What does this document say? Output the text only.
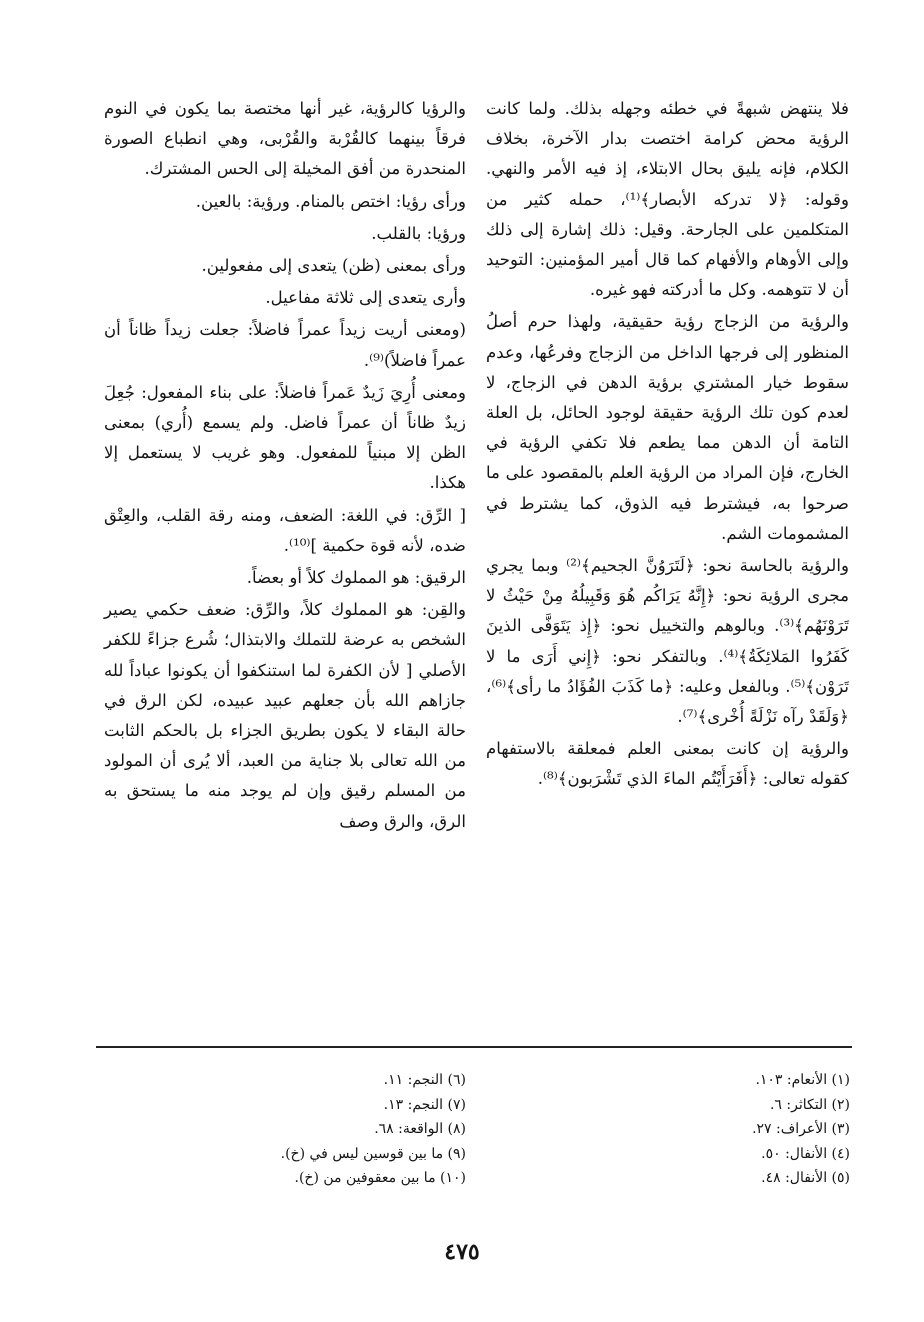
فلا ينتهض شبهةً في خطئه وجهله بذلك. ولما كانت الرؤية محض كرامة اختصت بدار الآخرة، بخلاف الكلام، فإنه يليق بحال الابتلاء، إذ فيه الأمر والنهي. وقوله: ﴿لا تدركه الأبصار﴾⁽¹⁾، حمله كثير من المتكلمين على الجارحة. وقيل: ذلك إشارة إلى ذلك وإلى الأوهام والأفهام كما قال أمير المؤمنين: التوحيد أن لا تتوهمه. وكل ما أدركته فهو غيره.

والرؤية من الزجاج رؤية حقيقية، ولهذا حرم أصلُ المنظور إلى فرجها الداخل من الزجاج وفرعُها، وعدم سقوط خيار المشتري برؤية الدهن في الزجاج، لا لعدم كون تلك الرؤية حقيقة لوجود الحائل، بل العلة التامة أن الدهن مما يطعم فلا تكفي الرؤية في الخارج، فإن المراد من الرؤية العلم بالمقصود على ما صرحوا به، فيشترط فيه الذوق، كما يشترط في المشمومات الشم.

والرؤية بالحاسة نحو: ﴿لَتَرَوُنَّ الجحيم﴾⁽²⁾ وبما يجري مجرى الرؤية نحو: ﴿إِنَّهُ يَرَاكُم هُوَ وَقَبِيلُهُ مِنْ حَيْثُ لا تَرَوْنَهُم﴾⁽³⁾. وبالوهم والتخييل نحو: ﴿إِذ يَتَوَفَّى الذينَ كَفَرُوا المَلائِكَةُ﴾⁽⁴⁾. وبالتفكر نحو: ﴿إِني أَرَى ما لا تَرَوْن﴾⁽⁵⁾. وبالفعل وعليه: ﴿ما كَذَبَ الفُؤَادُ ما رأى﴾⁽⁶⁾، ﴿وَلَقَدْ رآه نَزْلَةً أُخْرى﴾⁽⁷⁾.

والرؤية إن كانت بمعنى العلم فمعلقة بالاستفهام كقوله تعالى: ﴿أَفَرَأَيْتُم الماءَ الذي تَشْرَبون﴾⁽⁸⁾.

والرؤيا كالرؤية، غير أنها مختصة بما يكون في النوم فرقاً بينهما كالقُرْبة والقُرْبى، وهي انطباع الصورة المنحدرة من أفق المخيلة إلى الحس المشترك.

ورأى رؤيا: اختص بالمنام. ورؤية: بالعين.

ورؤيا: بالقلب.

ورأى بمعنى (ظن) يتعدى إلى مفعولين.

وأرى يتعدى إلى ثلاثة مفاعيل.

(ومعنى أريت زيداً عمراً فاضلاً: جعلت زيداً ظاناً أن عمراً فاضلاً)⁽⁹⁾.

ومعنى أُرِيَ زَيدٌ عَمراً فاضلاً: على بناء المفعول: جُعِلَ زيدٌ ظاناً أن عمراً فاضل. ولم يسمع (أُري) بمعنى الظن إلا مبنياً للمفعول. وهو غريب لا يستعمل إلا هكذا.

[ الرِّق: في اللغة: الضعف، ومنه رقة القلب، والعِتْق ضده، لأنه قوة حكمية ]⁽¹⁰⁾.

الرقيق: هو المملوك كلاً أو بعضاً.

والقِن: هو المملوك كلاً، والرِّق: ضعف حكمي يصير الشخص به عرضة للتملك والابتذال؛ شُرع جزاءً للكفر الأصلي [ لأن الكفرة لما استنكفوا أن يكونوا عباداً لله جازاهم الله بأن جعلهم عبيد عبيده، لكن الرق في حالة البقاء لا يكون بطريق الجزاء بل بالحكم الثابت من الله تعالى بلا جناية من العبد، ألا يُرى أن المولود من المسلم رقيق وإن لم يوجد منه ما يستحق به الرق، والرق وصف

(١) الأنعام: ١٠٣.
(٢) التكاثر: ٦.
(٣) الأعراف: ٢٧.
(٤) الأنفال: ٥٠.
(٥) الأنفال: ٤٨.
(٦) النجم: ١١.
(٧) النجم: ١٣.
(٨) الواقعة: ٦٨.
(٩) ما بين قوسين ليس في (خ).
(١٠) ما بين معقوفين من (خ).
٤٧٥
